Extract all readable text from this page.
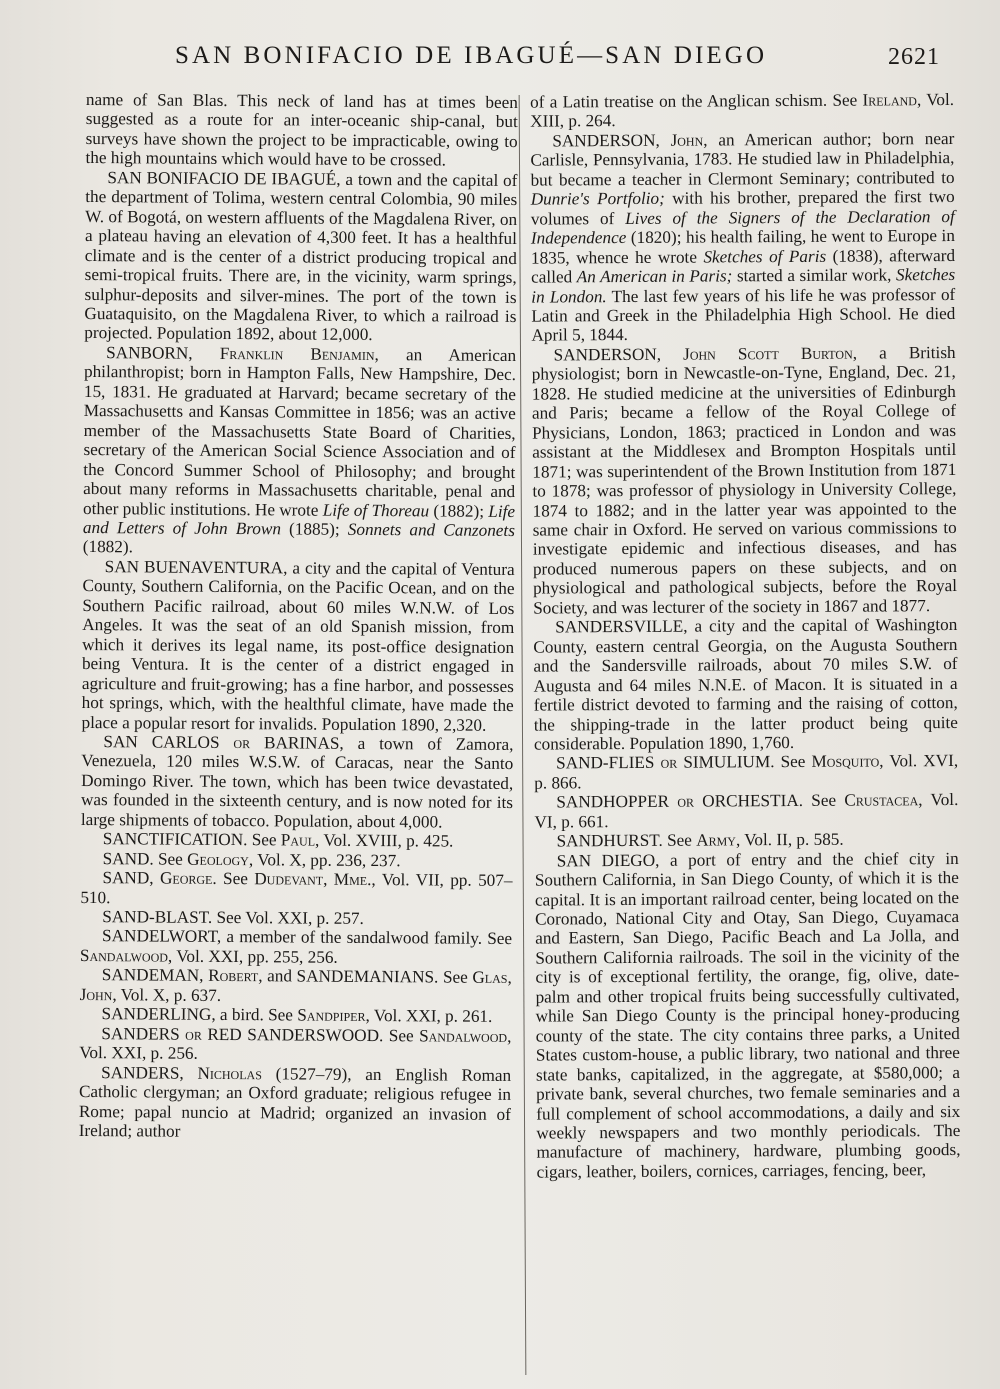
SAN BONIFACIO DE IBAGUÉ—SAN DIEGO	2621

name of San Blas. This neck of land has at times been suggested as a route for an inter-oceanic ship-canal, but surveys have shown the project to be impracticable, owing to the high mountains which would have to be crossed.

SAN BONIFACIO DE IBAGUÉ, a town and the capital of the department of Tolima, western central Colombia, 90 miles W. of Bogotá, on western affluents of the Magdalena River, on a plateau having an elevation of 4,300 feet. It has a healthful climate and is the center of a district producing tropical and semi-tropical fruits. There are, in the vicinity, warm springs, sulphur-deposits and silver-mines. The port of the town is Guataquisito, on the Magdalena River, to which a railroad is projected. Population 1892, about 12,000.

SANBORN, Franklin Benjamin, an American philanthropist; born in Hampton Falls, New Hampshire, Dec. 15, 1831. He graduated at Harvard; became secretary of the Massachusetts and Kansas Committee in 1856; was an active member of the Massachusetts State Board of Charities, secretary of the American Social Science Association and of the Concord Summer School of Philosophy; and brought about many reforms in Massachusetts charitable, penal and other public institutions. He wrote Life of Thoreau (1882); Life and Letters of John Brown (1885); Sonnets and Canzonets (1882).

SAN BUENAVENTURA, a city and the capital of Ventura County, Southern California, on the Pacific Ocean, and on the Southern Pacific railroad, about 60 miles W.N.W. of Los Angeles. It was the seat of an old Spanish mission, from which it derives its legal name, its post-office designation being Ventura. It is the center of a district engaged in agriculture and fruit-growing; has a fine harbor, and possesses hot springs, which, with the healthful climate, have made the place a popular resort for invalids. Population 1890, 2,320.

SAN CARLOS or BARINAS, a town of Zamora, Venezuela, 120 miles W.S.W. of Caracas, near the Santo Domingo River. The town, which has been twice devastated, was founded in the sixteenth century, and is now noted for its large shipments of tobacco. Population, about 4,000.

SANCTIFICATION. See Paul, Vol. XVIII, p. 425.

SAND. See Geology, Vol. X, pp. 236, 237.

SAND, George. See Dudevant, Mme., Vol. VII, pp. 507–510.

SAND-BLAST. See Vol. XXI, p. 257.

SANDELWORT, a member of the sandalwood family. See Sandalwood, Vol. XXI, pp. 255, 256.

SANDEMAN, Robert, and SANDEMANIANS. See Glas, John, Vol. X, p. 637.

SANDERLING, a bird. See Sandpiper, Vol. XXI, p. 261.

SANDERS or RED SANDERSWOOD. See Sandalwood, Vol. XXI, p. 256.

SANDERS, Nicholas (1527–79), an English Roman Catholic clergyman; an Oxford graduate; religious refugee in Rome; papal nuncio at Madrid; organized an invasion of Ireland; author

of a Latin treatise on the Anglican schism. See Ireland, Vol. XIII, p. 264.

SANDERSON, John, an American author; born near Carlisle, Pennsylvania, 1783. He studied law in Philadelphia, but became a teacher in Clermont Seminary; contributed to Dunrie's Portfolio; with his brother, prepared the first two volumes of Lives of the Signers of the Declaration of Independence (1820); his health failing, he went to Europe in 1835, whence he wrote Sketches of Paris (1838), afterward called An American in Paris; started a similar work, Sketches in London. The last few years of his life he was professor of Latin and Greek in the Philadelphia High School. He died April 5, 1844.

SANDERSON, John Scott Burton, a British physiologist; born in Newcastle-on-Tyne, England, Dec. 21, 1828. He studied medicine at the universities of Edinburgh and Paris; became a fellow of the Royal College of Physicians, London, 1863; practiced in London and was assistant at the Middlesex and Brompton Hospitals until 1871; was superintendent of the Brown Institution from 1871 to 1878; was professor of physiology in University College, 1874 to 1882; and in the latter year was appointed to the same chair in Oxford. He served on various commissions to investigate epidemic and infectious diseases, and has produced numerous papers on these subjects, and on physiological and pathological subjects, before the Royal Society, and was lecturer of the society in 1867 and 1877.

SANDERSVILLE, a city and the capital of Washington County, eastern central Georgia, on the Augusta Southern and the Sandersville railroads, about 70 miles S.W. of Augusta and 64 miles N.N.E. of Macon. It is situated in a fertile district devoted to farming and the raising of cotton, the shipping-trade in the latter product being quite considerable. Population 1890, 1,760.

SAND-FLIES or SIMULIUM. See Mosquito, Vol. XVI, p. 866.

SANDHOPPER or ORCHESTIA. See Crustacea, Vol. VI, p. 661.

SANDHURST. See Army, Vol. II, p. 585.

SAN DIEGO, a port of entry and the chief city in Southern California, in San Diego County, of which it is the capital. It is an important railroad center, being located on the Coronado, National City and Otay, San Diego, Cuyamaca and Eastern, San Diego, Pacific Beach and La Jolla, and Southern California railroads. The soil in the vicinity of the city is of exceptional fertility, the orange, fig, olive, date-palm and other tropical fruits being successfully cultivated, while San Diego County is the principal honey-producing county of the state. The city contains three parks, a United States custom-house, a public library, two national and three state banks, capitalized, in the aggregate, at $580,000; a private bank, several churches, two female seminaries and a full complement of school accommodations, a daily and six weekly newspapers and two monthly periodicals. The manufacture of machinery, hardware, plumbing goods, cigars, leather, boilers, cornices, carriages, fencing, beer,
